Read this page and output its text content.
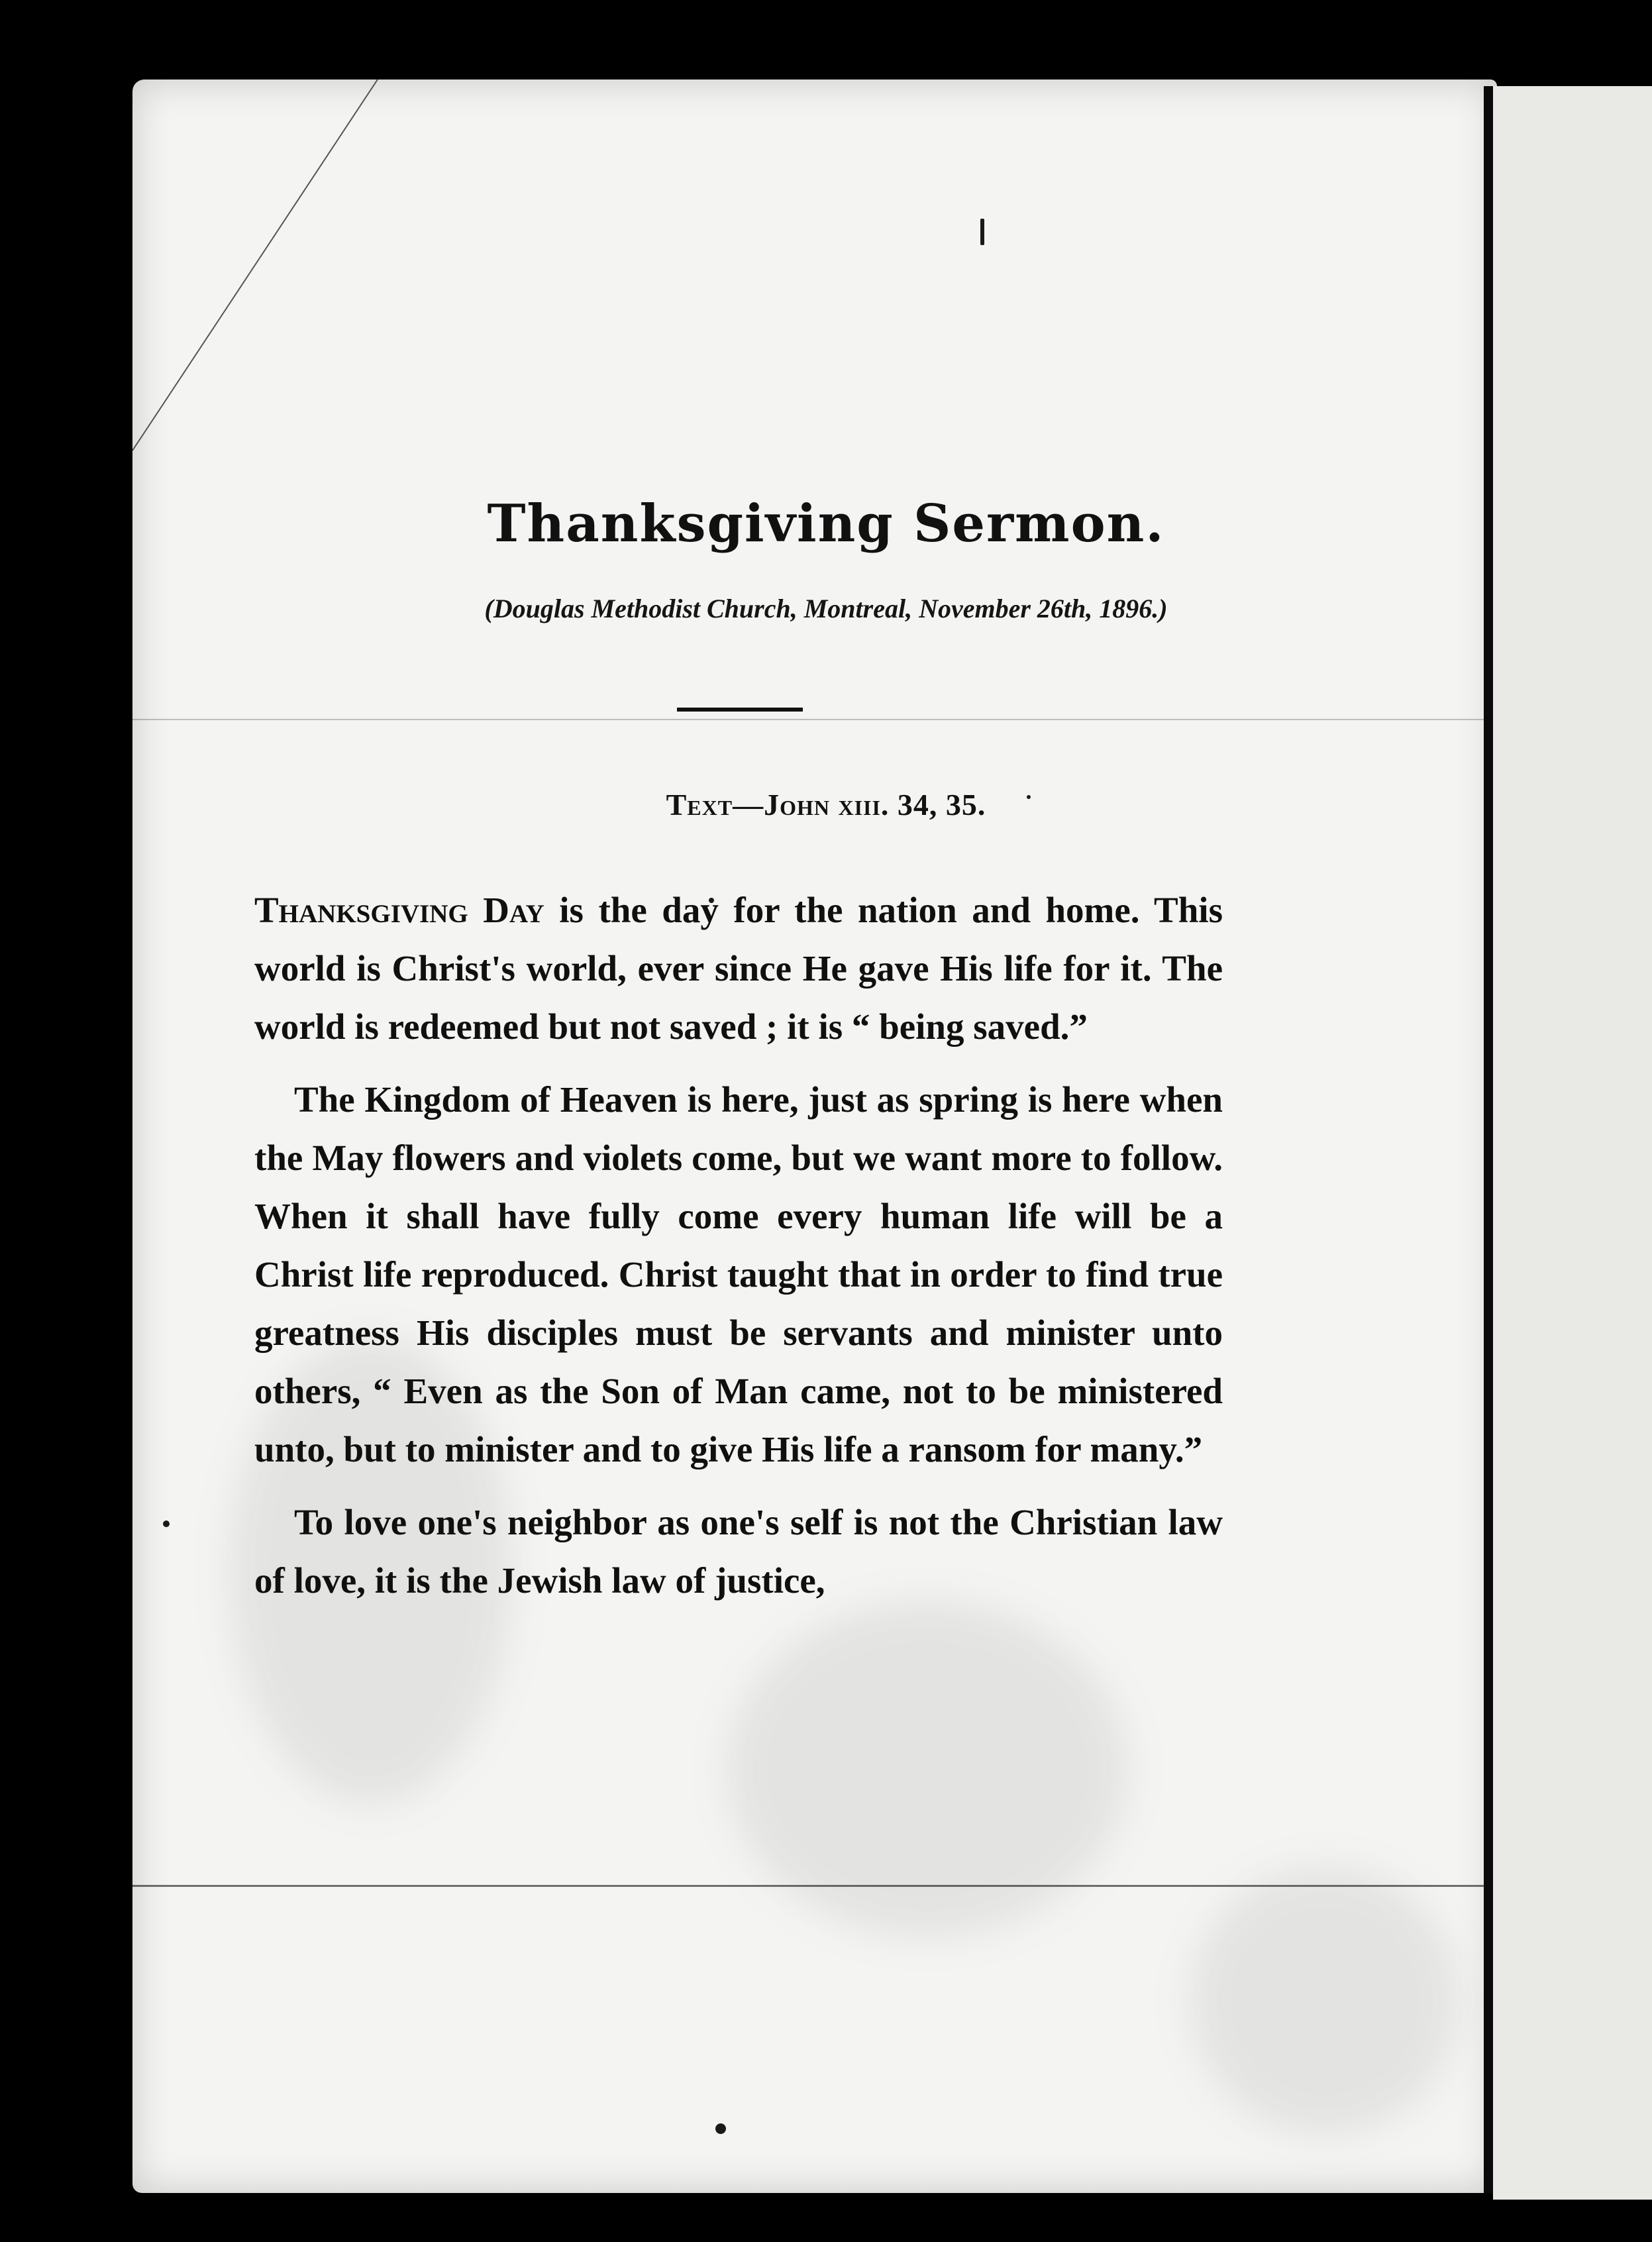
Thanksgiving Sermon.
(Douglas Methodist Church, Montreal, November 26th, 1896.)
Text—John xiii. 34, 35.

Thanksgiving Day is the day for the nation and home. This world is Christ's world, ever since He gave His life for it. The world is redeemed but not saved ; it is “ being saved.”

The Kingdom of Heaven is here, just as spring is here when the May flowers and violets come, but we want more to follow. When it shall have fully come every human life will be a Christ life reproduced. Christ taught that in order to find true greatness His disciples must be servants and minister unto others, “ Even as the Son of Man came, not to be ministered unto, but to minister and to give His life a ransom for many.”

To love one's neighbor as one's self is not the Christian law of love, it is the Jewish law of justice,
